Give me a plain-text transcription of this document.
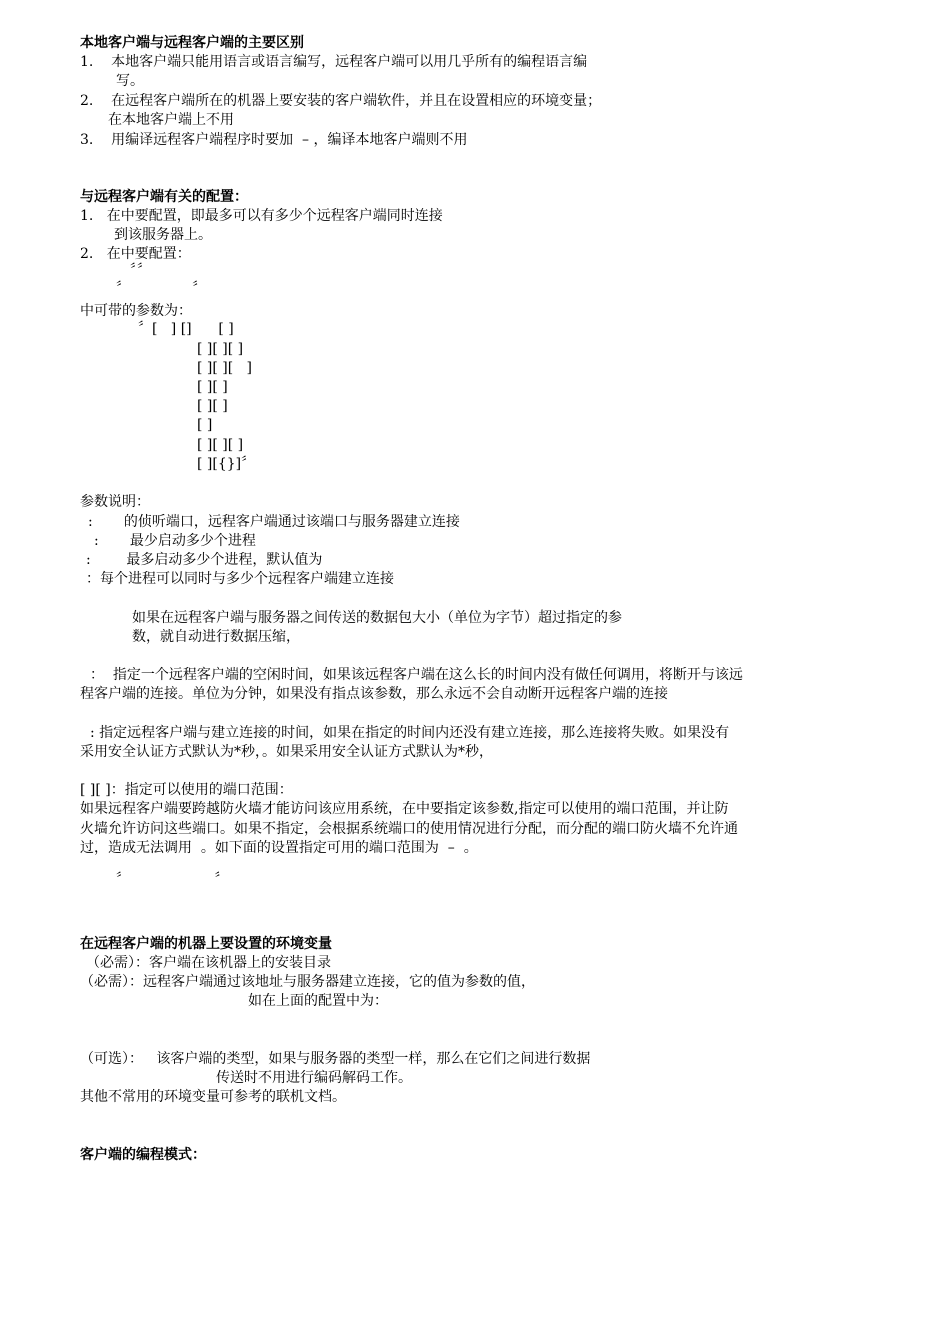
本地客户端与远程客户端的主要区别
1.    本地客户端只能用语言或语言编写，远程客户端可以用几乎所有的编程语言编
写。
2.    在远程客户端所在的机器上要安装的客户端软件，并且在设置相应的环境变量；
在本地客户端上不用
3.    用编译远程客户端程序时要加  – ，编译本地客户端则不用
与远程客户端有关的配置：
1.   在中要配置，即最多可以有多少个远程客户端同时连接
到该服务器上。
2.   在中要配置：
〞〞
〞              〞
中可带的参数为：
〞[   ] []      [ ]
[ ][ ][ ]
[ ][ ][   ]
[ ][ ]
[ ][ ]
[ ]
[ ][ ][ ]
[ ][{}]〞
参数说明：
:       的侦听端口，远程客户端通过该端口与服务器建立连接
:       最少启动多少个进程
:        最多启动多少个进程，默认值为
：每个进程可以同时与多少个远程客户端建立连接
如果在远程客户端与服务器之间传送的数据包大小（单位为字节）超过指定的参
数，就自动进行数据压缩，
：  指定一个远程客户端的空闲时间，如果该远程客户端在这么长的时间内没有做任何调用，将断开与该远
程客户端的连接。单位为分钟，如果没有指点该参数，那么永远不会自动断开远程客户端的连接
: 指定远程客户端与建立连接的时间，如果在指定的时间内还没有建立连接，那么连接将失败。如果没有
采用安全认证方式默认为*秒，。如果采用安全认证方式默认为*秒，
[ ][ ]：指定可以使用的端口范围：
如果远程客户端要跨越防火墙才能访问该应用系统，在中要指定该参数,指定可以使用的端口范围，并让防
火墙允许访问这些端口。如果不指定，会根据系统端口的使用情况进行分配，而分配的端口防火墙不允许通
过，造成无法调用  。如下面的设置指定可用的端口范围为  –  。
〞                   〞
在远程客户端的机器上要设置的环境变量
（必需）：客户端在该机器上的安装目录
（必需）：远程客户端通过该地址与服务器建立连接，它的值为参数的值，
如在上面的配置中为：
（可选）：   该客户端的类型，如果与服务器的类型一样，那么在它们之间进行数据
传送时不用进行编码解码工作。
其他不常用的环境变量可参考的联机文档。
客户端的编程模式：
